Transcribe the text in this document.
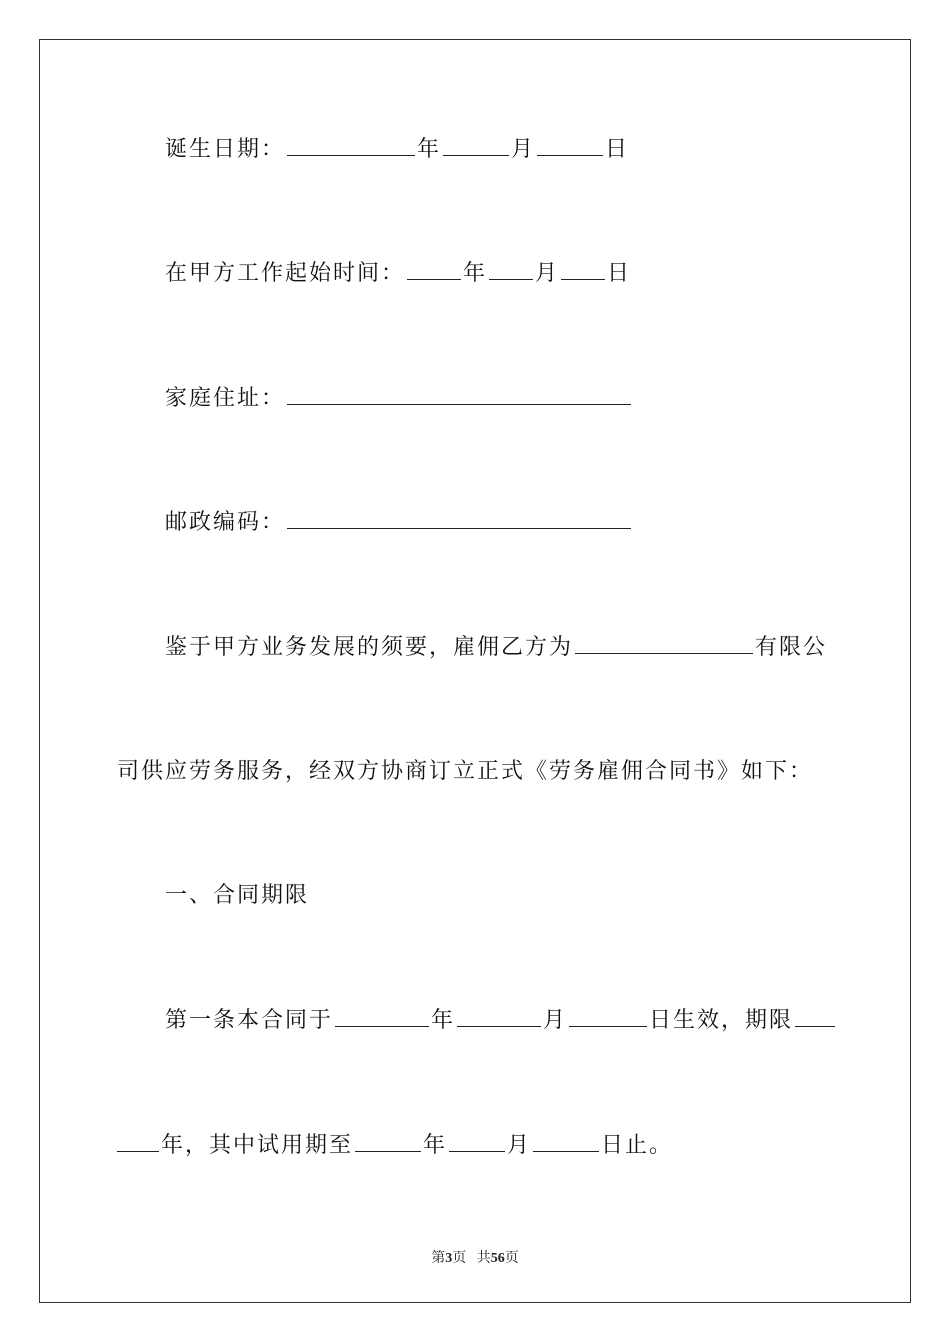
诞生日期：	年	月	日
在甲方工作起始时间：	年 月 日
家庭住址：
邮政编码：
鉴于甲方业务发展的须要，雇佣乙方为	有限公
司供应劳务服务，经双方协商订立正式《劳务雇佣合同书》如下：
一、合同期限
第一条本合同于	年	月	日生效，期限
年，其中试用期至	年	月	日止。
第3页   共56页
